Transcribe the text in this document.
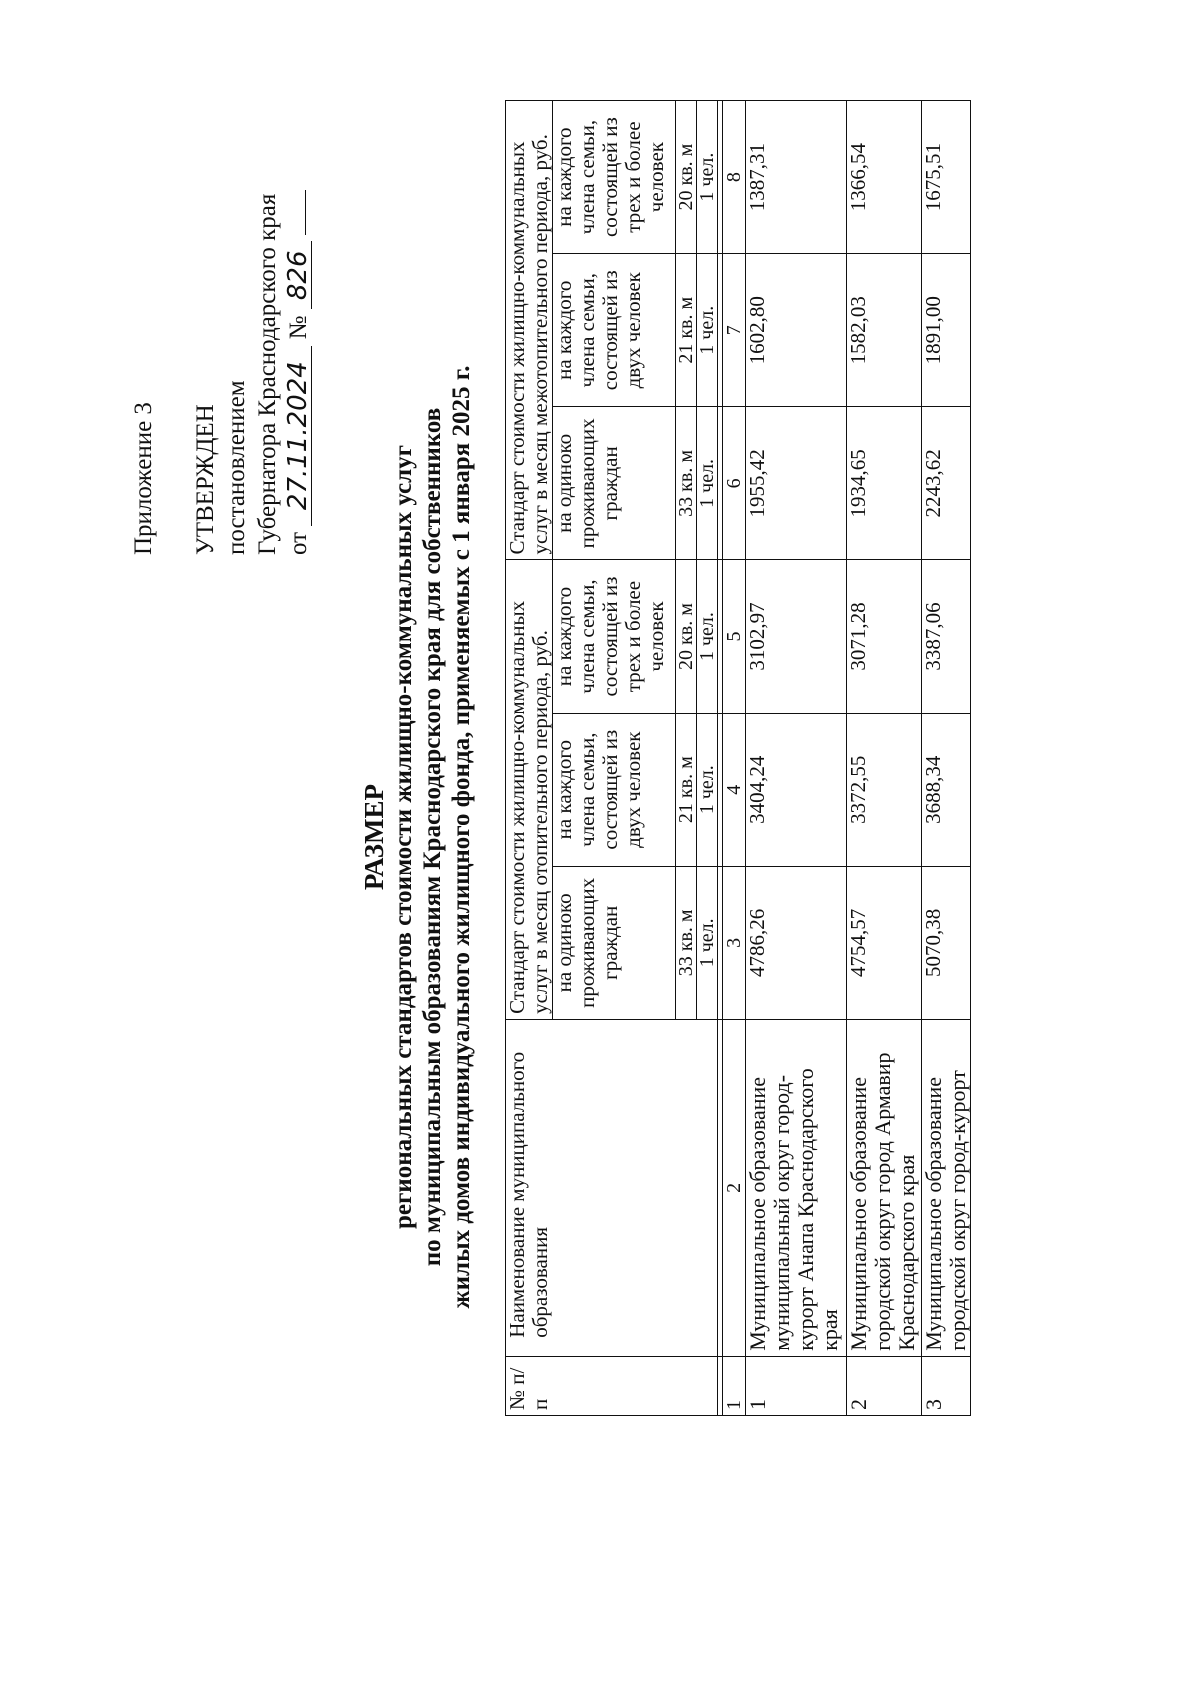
Приложение 3 УТВЕРЖДЕН постановлением Губернатора Краснодарского края от 27.11.2024 № 826
РАЗМЕР региональных стандартов стоимости жилищно-коммунальных услуг по муниципальным образованиям Краснодарского края для собственников жилых домов индивидуального жилищного фонда, применяемых с 1 января 2025 г.
№ п/п	Наименование муниципального образования	Стандарт стоимости жилищно-коммунальных услуг в месяц отопительного периода, руб.			Стандарт стоимости жилищно-коммунальных услуг в месяц межотопительного периода, руб.		
		на одиноко проживающих граждан	на каждого члена семьи, состоящей из двух человек	на каждого члена семьи, состоящей из трех и более человек	на одиноко проживающих граждан	на каждого члена семьи, состоящей из двух человек	на каждого члена семьи, состоящей из трех и более человек
		33 кв. м	21 кв. м	20 кв. м	33 кв. м	21 кв. м	20 кв. м
		1 чел.	1 чел.	1 чел.	1 чел.	1 чел.	1 чел.

1	2	3	4	5	6	7	8
1	Муниципальное образование муниципальный округ город-курорт Анапа Краснодарского края	4786,26	3404,24	3102,97	1955,42	1602,80	1387,31
2	Муниципальное образование городской округ город Армавир Краснодарского края	4754,57	3372,55	3071,28	1934,65	1582,03	1366,54
3	Муниципальное образование городской округ город-курорт	5070,38	3688,34	3387,06	2243,62	1891,00	1675,51
